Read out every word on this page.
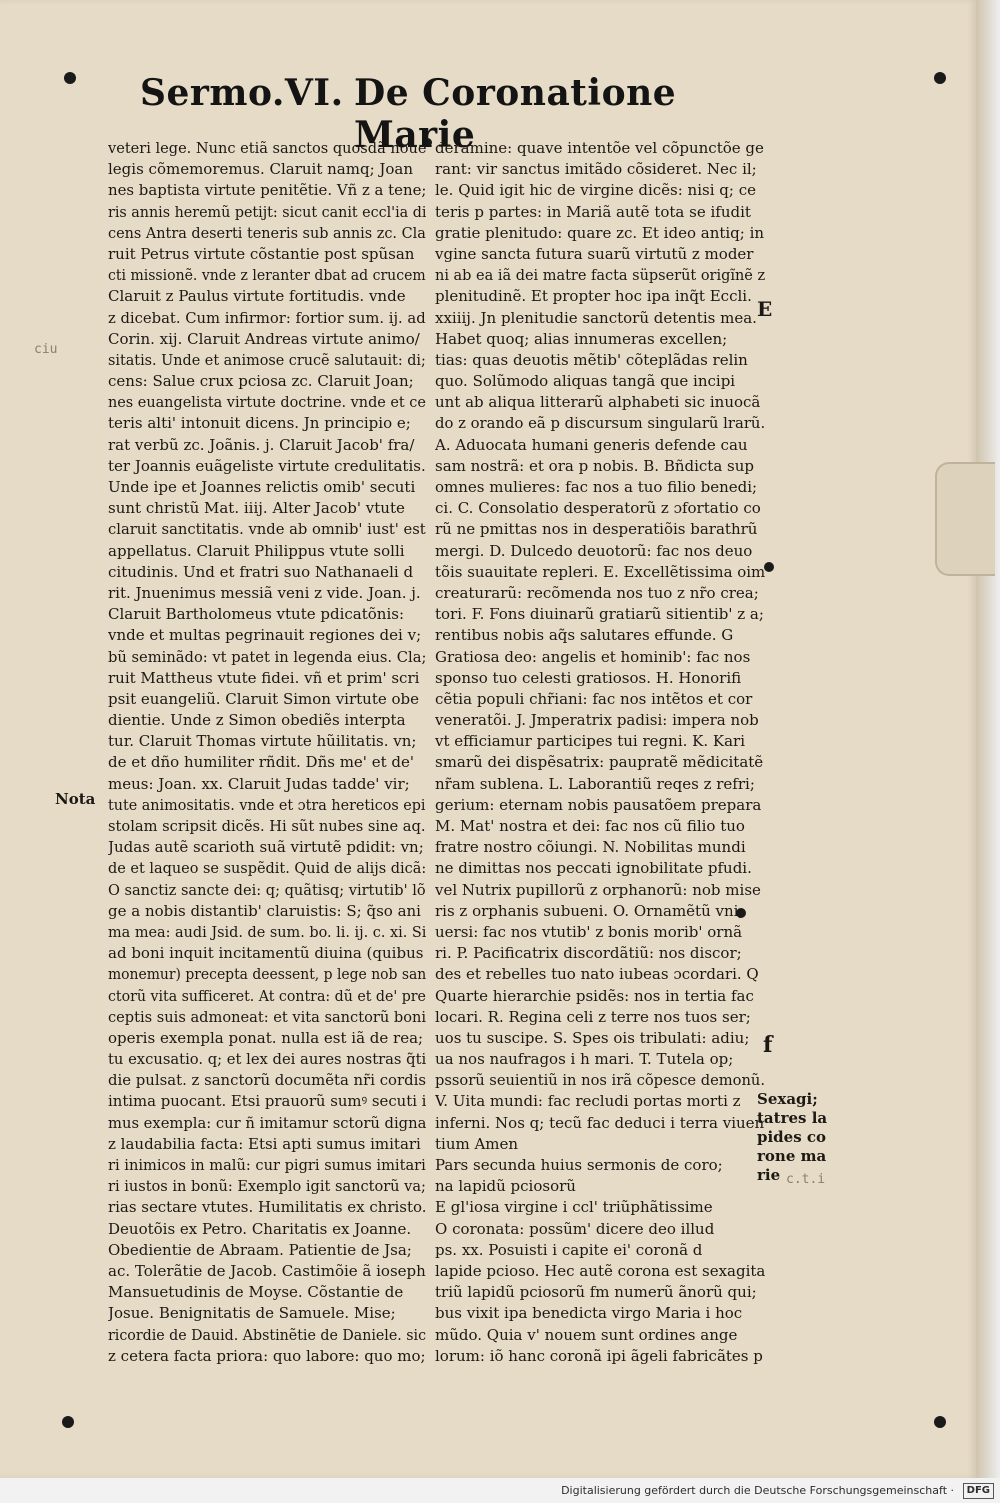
Sermo.VI. De Coronatione Marie
veteri lege. Nunc etiã sanctos quosdã noue
legis cõmemoremus. Claruit namq; Joan
nes baptista virtute penitẽtie. Vñ z a tene;
ris annis heremũ petijt: sicut canit eccl'ia di
cens Antra deserti teneris sub annis zc. Cla
ruit Petrus virtute cõstantie post spũsan
cti missionẽ. vnde z leranter dbat ad crucem
Claruit z Paulus virtute fortitudis. vnde
z dicebat. Cum infirmor: fortior sum. ij. ad
Corin. xij. Claruit Andreas virtute animo/
sitatis. Unde et animose crucẽ salutauit: di;
cens: Salue crux pciosa zc. Claruit Joan;
nes euangelista virtute doctrine. vnde et ce
teris alti' intonuit dicens. Jn principio e;
rat verbũ zc. Joãnis. j. Claruit Jacob' fra/
ter Joannis euãgeliste virtute credulitatis.
Unde ipe et Joannes relictis omib' secuti
sunt christũ Mat. iiij. Alter Jacob' vtute
claruit sanctitatis. vnde ab omnib' iust' est
appellatus. Claruit Philippus vtute solli
citudinis. Und et fratri suo Nathanaeli d
rit. Jnuenimus messiã veni z vide. Joan. j.
Claruit Bartholomeus vtute pdicatõnis:
vnde et multas pegrinauit regiones dei v;
bũ seminãdo: vt patet in legenda eius. Cla;
ruit Mattheus vtute fidei. vñ et prim' scri
psit euangeliũ. Claruit Simon virtute obe
dientie. Unde z Simon obediẽs interpta
tur. Claruit Thomas virtute hũilitatis. vn;
de et dño humiliter rñdit. Dñs me' et de'
meus: Joan. xx. Claruit Judas tadde' vir;
tute animositatis. vnde et ɔtra hereticos epi
stolam scripsit dicẽs. Hi sũt nubes sine aq.
Judas autẽ scarioth suã virtutẽ pdidit: vn;
de et laqueo se suspẽdit. Quid de alijs dicã:
O sanctiz sancte dei: q; quãtisq; virtutib' lõ
ge a nobis distantib' claruistis: S; q̃so ani
ma mea: audi Jsid. de sum. bo. li. ij. c. xi. Si
ad boni inquit incitamentũ diuina (quibus
monemur) precepta deessent, p lege nob san
ctorũ vita sufficeret. At contra: dũ et de' pre
ceptis suis admoneat: et vita sanctorũ boni
operis exempla ponat. nulla est iã de rea;
tu excusatio. q; et lex dei aures nostras q̃ti
die pulsat. z sanctorũ documẽta nr̃i cordis
intima puocant. Etsi prauorũ sumꝰ secuti i
mus exempla: cur ñ imitamur sctorũ digna
z laudabilia facta: Etsi apti sumus imitari
ri inimicos in malũ: cur pigri sumus imitari
ri iustos in bonũ: Exemplo igit sanctorũ va;
rias sectare vtutes. Humilitatis ex christo.
Deuotõis ex Petro. Charitatis ex Joanne.
Obedientie de Abraam. Patientie de Jsa;
ac. Tolerãtie de Jacob. Castimõie ã ioseph
Mansuetudinis de Moyse. Cõstantie de
Josue. Benignitatis de Samuele. Mise;
ricordie de Dauid. Abstinẽtie de Daniele. sic
z cetera facta priora: quo labore: quo mo;
deramine: quave intentõe vel cõpunctõe ge
rant: vir sanctus imitãdo cõsideret. Nec il;
le. Quid igit hic de virgine dicẽs: nisi q; ce
teris p partes: in Mariã autẽ tota se ifudit
gratie plenitudo: quare zc. Et ideo antiq; in
vgine sancta futura suarũ virtutũ z moder
ni ab ea iã dei matre facta süpserũt origĩnẽ z
plenitudinẽ. Et propter hoc ipa inq̃t Eccli.
xxiiij. Jn plenitudie sanctorũ detentis mea.
Habet quoq; alias innumeras excellen;
tias: quas deuotis mẽtib' cõteplãdas relin
quo. Solũmodo aliquas tangã que incipi
unt ab aliqua litterarũ alphabeti sic inuocã
do z orando eã p discursum singularũ lrarũ.
A. Aduocata humani generis defende cau
sam nostrã: et ora p nobis. B. Bñdicta sup
omnes mulieres: fac nos a tuo filio benedi;
ci. C. Consolatio desperatorũ z ɔfortatio co
rũ ne pmittas nos in desperatiõis barathrũ
mergi. D. Dulcedo deuotorũ: fac nos deuo
tõis suauitate repleri. E. Excellẽtissima oim
creaturarũ: recõmenda nos tuo z nr̃o crea;
tori. F. Fons diuinarũ gratiarũ sitientib' z a;
rentibus nobis aq̃s salutares effunde. G
Gratiosa deo: angelis et hominib': fac nos
sponso tuo celesti gratiosos. H. Honorifi
cẽtia populi chr̃iani: fac nos intẽtos et cor
veneratõi. J. Jmperatrix padisi: impera nob
vt efficiamur participes tui regni. K. Kari
smarũ dei dispẽsatrix: paupratẽ mẽdicitatẽ
nr̃am sublena. L. Laborantiũ reqes z refri;
gerium: eternam nobis pausatõem prepara
M. Mat' nostra et dei: fac nos cũ filio tuo
fratre nostro cõiungi. N. Nobilitas mundi
ne dimittas nos peccati ignobilitate pfudi.
vel Nutrix pupillorũ z orphanorũ: nob mise
ris z orphanis subueni. O. Ornamẽtũ vni;
uersi: fac nos vtutib' z bonis morib' ornã
ri. P. Pacificatrix discordãtiũ: nos discor;
des et rebelles tuo nato iubeas ɔcordari. Q
Quarte hierarchie psidẽs: nos in tertia fac
locari. R. Regina celi z terre nos tuos ser;
uos tu suscipe. S. Spes ois tribulati: adiu;
ua nos naufragos i h mari. T. Tutela op;
pssorũ seuientiũ in nos irã cõpesce demonũ.
V. Uita mundi: fac recludi portas morti z
inferni. Nos q; tecũ fac deduci i terra viuen
tium Amen
Pars secunda huius sermonis de coro;
na lapidũ pciosorũ
E gl'iosa virgine i ccl' triũphãtissime
O coronata: possũm' dicere deo illud
ps. xx. Posuisti i capite ei' coronã d
lapide pcioso. Hec autẽ corona est sexagita
triũ lapidũ pciosorũ fm numerũ ãnorũ qui;
bus vixit ipa benedicta virgo Maria i hoc
mũdo. Quia v' nouem sunt ordines ange
lorum: iõ hanc coronã ipi ãgeli fabricãtes p
ciu
c.t.i
Nota
E
f
Sexagi;
tatres la
pides co
rone ma
rie
Digitalisierung gefördert durch die Deutsche Forschungsgemeinschaft ·	DFG
